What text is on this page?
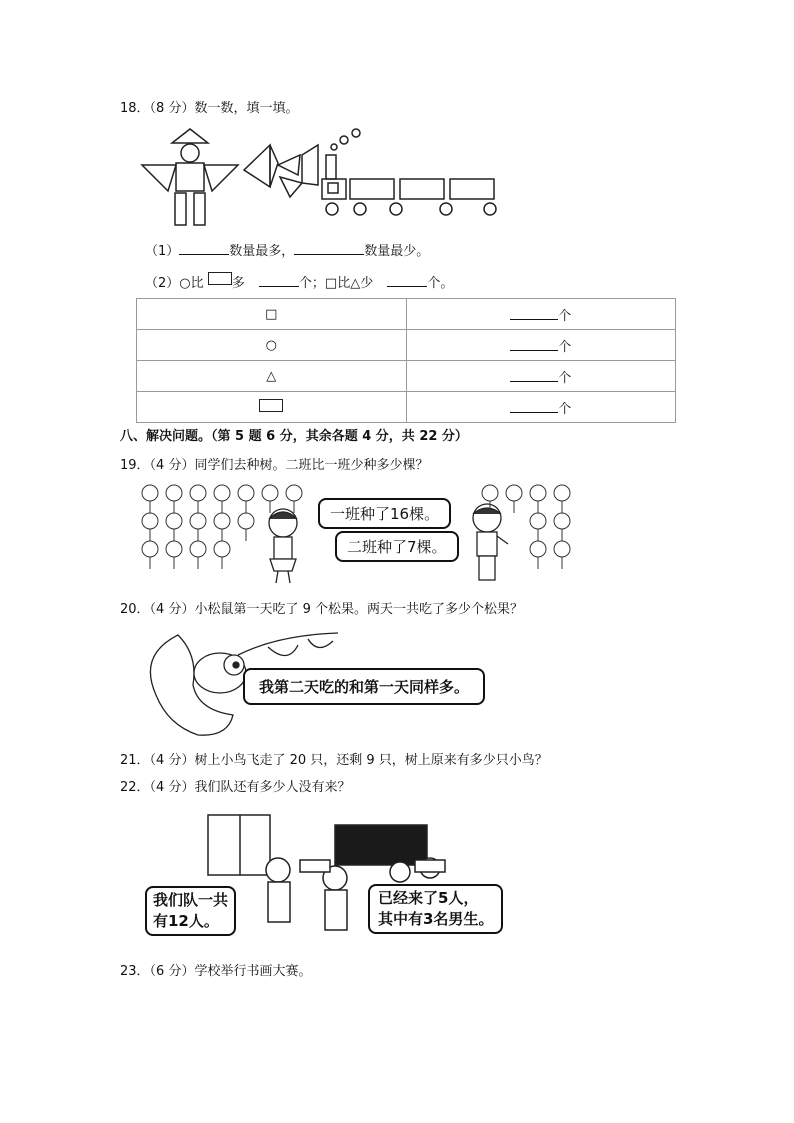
18．（8 分）数一数，填一填。
（1）	数量最多，	数量最少。
（2）○比 多	个；□比△少	个。
□	个
○	个
△	个
	个
八、解决问题。（第 5 题 6 分，其余各题 4 分，共 22 分）
19．（4 分）同学们去种树。二班比一班少种多少棵？
一班种了16棵。
二班种了7棵。
20．（4 分）小松鼠第一天吃了 9 个松果。两天一共吃了多少个松果？
我第二天吃的和第一天同样多。
21．（4 分）树上小鸟飞走了 20 只，还剩 9 只，树上原来有多少只小鸟？
22．（4 分）我们队还有多少人没有来？
我们队一共
有12人。
已经来了5人，
其中有3名男生。
23．（6 分）学校举行书画大赛。
